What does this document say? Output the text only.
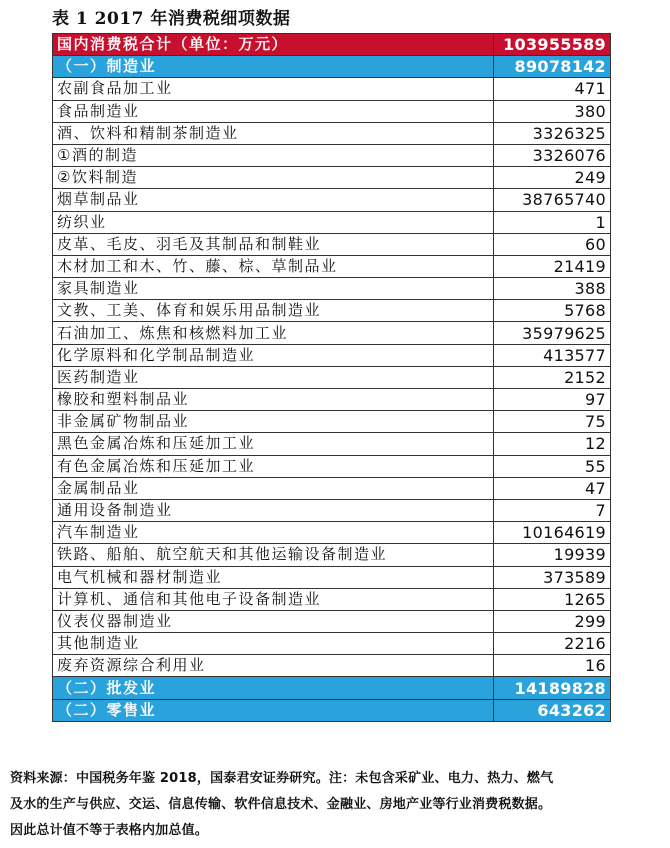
表 1 2017 年消费税细项数据
国内消费税合计（单位：万元）	103955589
（一）制造业	89078142
农副食品加工业	471
食品制造业	380
酒、饮料和精制茶制造业	3326325
①酒的制造	3326076
②饮料制造	249
烟草制品业	38765740
纺织业	1
皮革、毛皮、羽毛及其制品和制鞋业	60
木材加工和木、竹、藤、棕、草制品业	21419
家具制造业	388
文教、工美、体育和娱乐用品制造业	5768
石油加工、炼焦和核燃料加工业	35979625
化学原料和化学制品制造业	413577
医药制造业	2152
橡胶和塑料制品业	97
非金属矿物制品业	75
黑色金属冶炼和压延加工业	12
有色金属冶炼和压延加工业	55
金属制品业	47
通用设备制造业	7
汽车制造业	10164619
铁路、船舶、航空航天和其他运输设备制造业	19939
电气机械和器材制造业	373589
计算机、通信和其他电子设备制造业	1265
仪表仪器制造业	299
其他制造业	2216
废弃资源综合利用业	16
（二）批发业	14189828
（二）零售业	643262

资料来源：中国税务年鉴 2018，国泰君安证券研究。注：未包含采矿业、电力、热力、燃气

及水的生产与供应、交运、信息传输、软件信息技术、金融业、房地产业等行业消费税数据。

因此总计值不等于表格内加总值。
